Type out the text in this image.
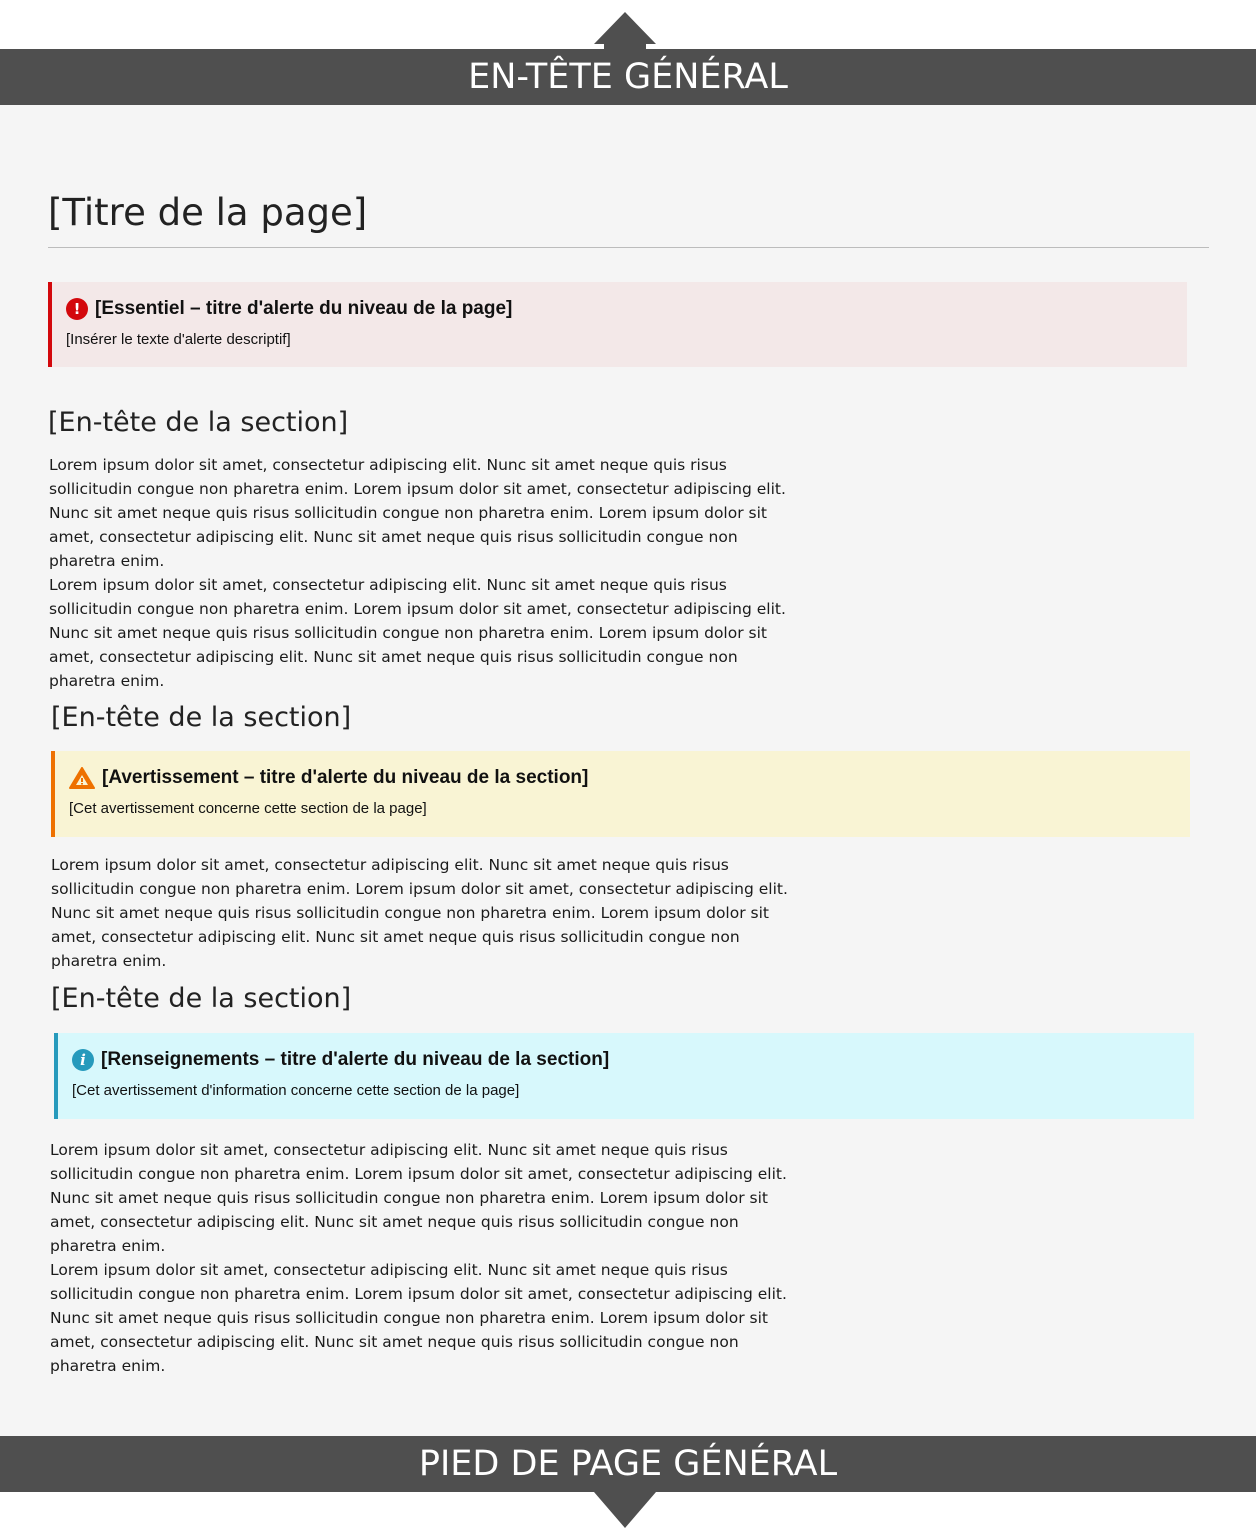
EN-TÊTE GÉNÉRAL
[Titre de la page]
! [Essentiel – titre d'alerte du niveau de la page]
[Insérer le texte d'alerte descriptif]
[En-tête de la section]

Lorem ipsum dolor sit amet, consectetur adipiscing elit. Nunc sit amet neque quis risus sollicitudin congue non pharetra enim. Lorem ipsum dolor sit amet, consectetur adipiscing elit. Nunc sit amet neque quis risus sollicitudin congue non pharetra enim. Lorem ipsum dolor sit amet, consectetur adipiscing elit. Nunc sit amet neque quis risus sollicitudin congue non pharetra enim.

Lorem ipsum dolor sit amet, consectetur adipiscing elit. Nunc sit amet neque quis risus sollicitudin congue non pharetra enim. Lorem ipsum dolor sit amet, consectetur adipiscing elit. Nunc sit amet neque quis risus sollicitudin congue non pharetra enim. Lorem ipsum dolor sit amet, consectetur adipiscing elit. Nunc sit amet neque quis risus sollicitudin congue non pharetra enim.

[En-tête de la section]
[Avertissement – titre d'alerte du niveau de la section]
[Cet avertissement concerne cette section de la page]

Lorem ipsum dolor sit amet, consectetur adipiscing elit. Nunc sit amet neque quis risus sollicitudin congue non pharetra enim. Lorem ipsum dolor sit amet, consectetur adipiscing elit. Nunc sit amet neque quis risus sollicitudin congue non pharetra enim. Lorem ipsum dolor sit amet, consectetur adipiscing elit. Nunc sit amet neque quis risus sollicitudin congue non pharetra enim.

[En-tête de la section]
i [Renseignements – titre d'alerte du niveau de la section]
[Cet avertissement d'information concerne cette section de la page]

Lorem ipsum dolor sit amet, consectetur adipiscing elit. Nunc sit amet neque quis risus sollicitudin congue non pharetra enim. Lorem ipsum dolor sit amet, consectetur adipiscing elit. Nunc sit amet neque quis risus sollicitudin congue non pharetra enim. Lorem ipsum dolor sit amet, consectetur adipiscing elit. Nunc sit amet neque quis risus sollicitudin congue non pharetra enim.

Lorem ipsum dolor sit amet, consectetur adipiscing elit. Nunc sit amet neque quis risus sollicitudin congue non pharetra enim. Lorem ipsum dolor sit amet, consectetur adipiscing elit. Nunc sit amet neque quis risus sollicitudin congue non pharetra enim. Lorem ipsum dolor sit amet, consectetur adipiscing elit. Nunc sit amet neque quis risus sollicitudin congue non pharetra enim.

PIED DE PAGE GÉNÉRAL
